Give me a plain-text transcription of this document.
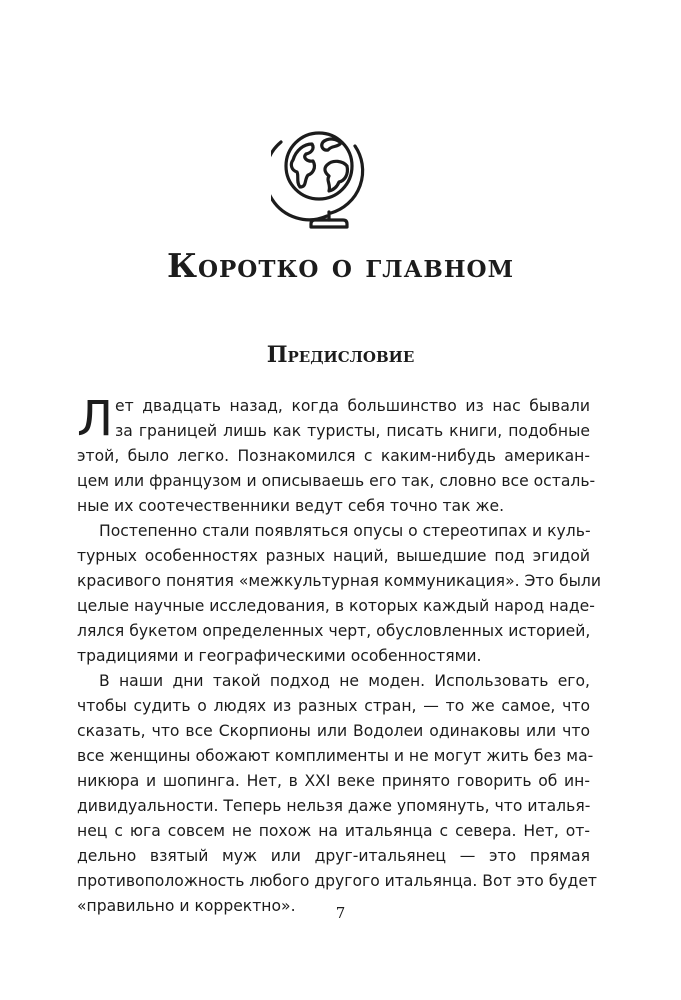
Коротко о главном
Предисловие
Л ет двадцать назад, когда большинство из нас бывали
за границей лишь как туристы, писать книги, подобные
этой, было легко. Познакомился с каким-нибудь американ-
цем или французом и описываешь его так, словно все осталь-
ные их соотечественники ведут себя точно так же.
Постепенно стали появляться опусы о стереотипах и куль-
турных особенностях разных наций, вышедшие под эгидой
красивого понятия «межкультурная коммуникация». Это были
целые научные исследования, в которых каждый народ наде-
лялся букетом определенных черт, обусловленных историей,
традициями и географическими особенностями.
В наши дни такой подход не моден. Использовать его,
чтобы судить о людях из разных стран, — то же самое, что
сказать, что все Скорпионы или Водолеи одинаковы или что
все женщины обожают комплименты и не могут жить без ма-
никюра и шопинга. Нет, в XXI веке принято говорить об ин-
дивидуальности. Теперь нельзя даже упомянуть, что италья-
нец с юга совсем не похож на итальянца с севера. Нет, от-
дельно взятый муж или друг-итальянец — это прямая
противоположность любого другого итальянца. Вот это будет
«правильно и корректно».	7
